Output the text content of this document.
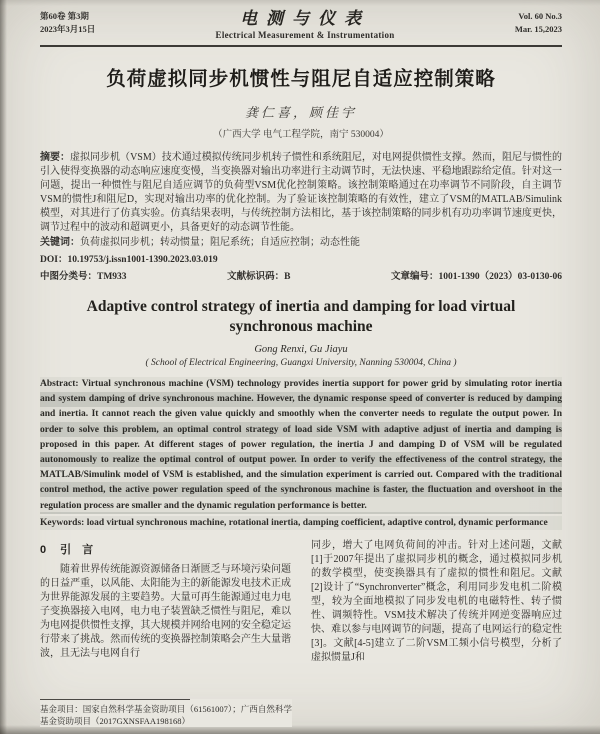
第60卷 第3期
2023年3月15日
电测与仪表
Electrical Measurement & Instrumentation
Vol. 60 No.3
Mar. 15,2023
负荷虚拟同步机惯性与阻尼自适应控制策略
龚仁喜，顾佳宇
（广西大学 电气工程学院，南宁 530004）

摘要：虚拟同步机（VSM）技术通过模拟传统同步机转子惯性和系统阻尼，对电网提供惯性支撑。然而，阻尼与惯性的引入使得变换器的动态响应速度变慢，当变换器对输出功率进行主动调节时，无法快速、平稳地跟踪给定值。针对这一问题，提出一种惯性与阻尼自适应调节的负荷型VSM优化控制策略。该控制策略通过在功率调节不同阶段，自主调节VSM的惯性J和阻尼D，实现对输出功率的优化控制。为了验证该控制策略的有效性，建立了VSM的MATLAB/Simulink模型，对其进行了仿真实验。仿真结果表明，与传统控制方法相比，基于该控制策略的同步机有功功率调节速度更快，调节过程中的波动和超调更小，具备更好的动态调节性能。

关键词：负荷虚拟同步机；转动惯量；阻尼系统；自适应控制；动态性能

DOI：10.19753/j.issn1001-1390.2023.03.019

中图分类号：TM933	文献标识码：B	文章编号：1001-1390（2023）03-0130-06
Adaptive control strategy of inertia and damping for load virtual synchronous machine
Gong Renxi, Gu Jiayu
( School of Electrical Engineering, Guangxi University, Nanning 530004, China )

Abstract: Virtual synchronous machine (VSM) technology provides inertia support for power grid by simulating rotor inertia and system damping of drive synchronous machine. However, the dynamic response speed of converter is reduced by damping and inertia. It cannot reach the given value quickly and smoothly when the converter needs to regulate the output power. In order to solve this problem, an optimal control strategy of load side VSM with adaptive adjust of inertia and damping is proposed in this paper. At different stages of power regulation, the inertia J and damping D of VSM will be regulated autonomously to realize the optimal control of output power. In order to verify the effectiveness of the control strategy, the MATLAB/Simulink model of VSM is established, and the simulation experiment is carried out. Compared with the traditional control method, the active power regulation speed of the synchronous machine is faster, the fluctuation and overshoot in the regulation process are smaller and the dynamic regulation performance is better.

Keywords: load virtual synchronous machine, rotational inertia, damping coefficient, adaptive control, dynamic performance

0 引　言

随着世界传统能源资源储备日渐匮乏与环境污染问题的日益严重，以风能、太阳能为主的新能源发电技术正成为世界能源发展的主要趋势。大量可再生能源通过电力电子变换器接入电网，电力电子装置缺乏惯性与阻尼，难以为电网提供惯性支撑，其大规模并网给电网的安全稳定运行带来了挑战。然而传统的变换器控制策略会产生大量谐波，且无法与电网自行

同步，增大了电网负荷间的冲击。针对上述问题，文献[1]于2007年提出了虚拟同步机的概念，通过模拟同步机的数学模型，使变换器具有了虚拟的惯性和阻尼。文献[2]设计了“Synchronverter”概念，利用同步发电机二阶模型，较为全面地模拟了同步发电机的电磁特性、转子惯性、调频特性。VSM技术解决了传统并网逆变器响应过快、难以参与电网调节的问题，提高了电网运行的稳定性[3]。文献[4-5]建立了二阶VSM工频小信号模型，分析了虚拟惯量J和

基金项目：国家自然科学基金资助项目（61561007）；广西自然科学基金资助项目（2017GXNSFAA198168）
